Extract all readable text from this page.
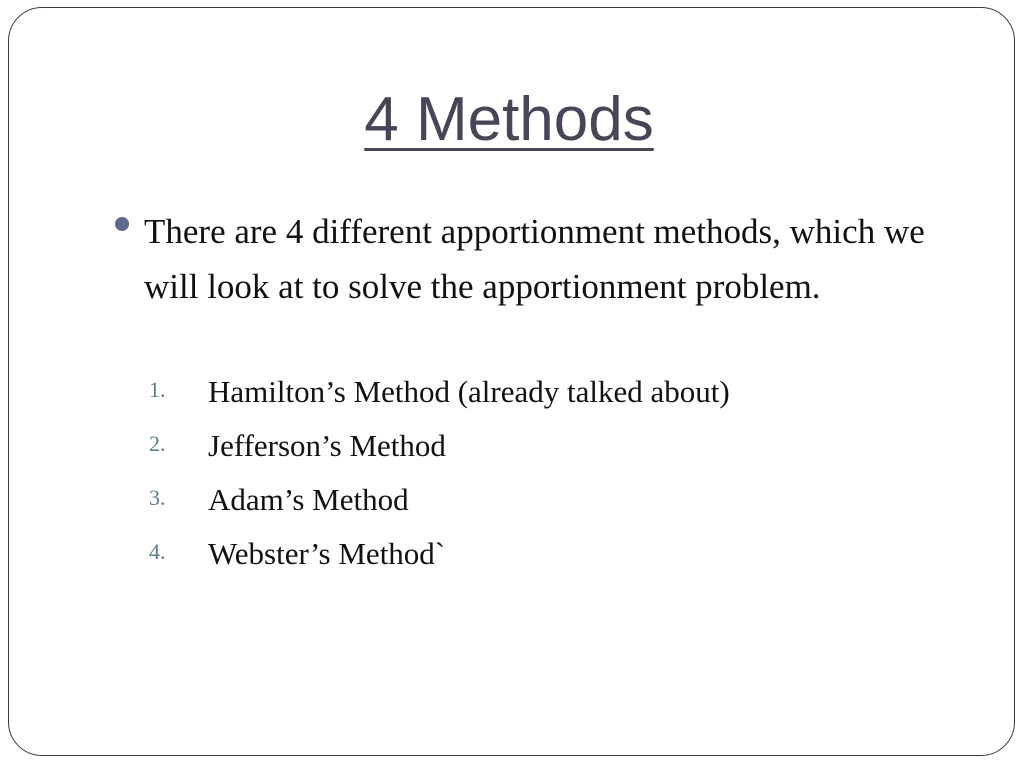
4 Methods
There are 4 different apportionment methods, which we will look at to solve the apportionment problem.
1. Hamilton’s Method (already talked about)
2. Jefferson’s Method
3. Adam’s Method
4. Webster’s Method`
